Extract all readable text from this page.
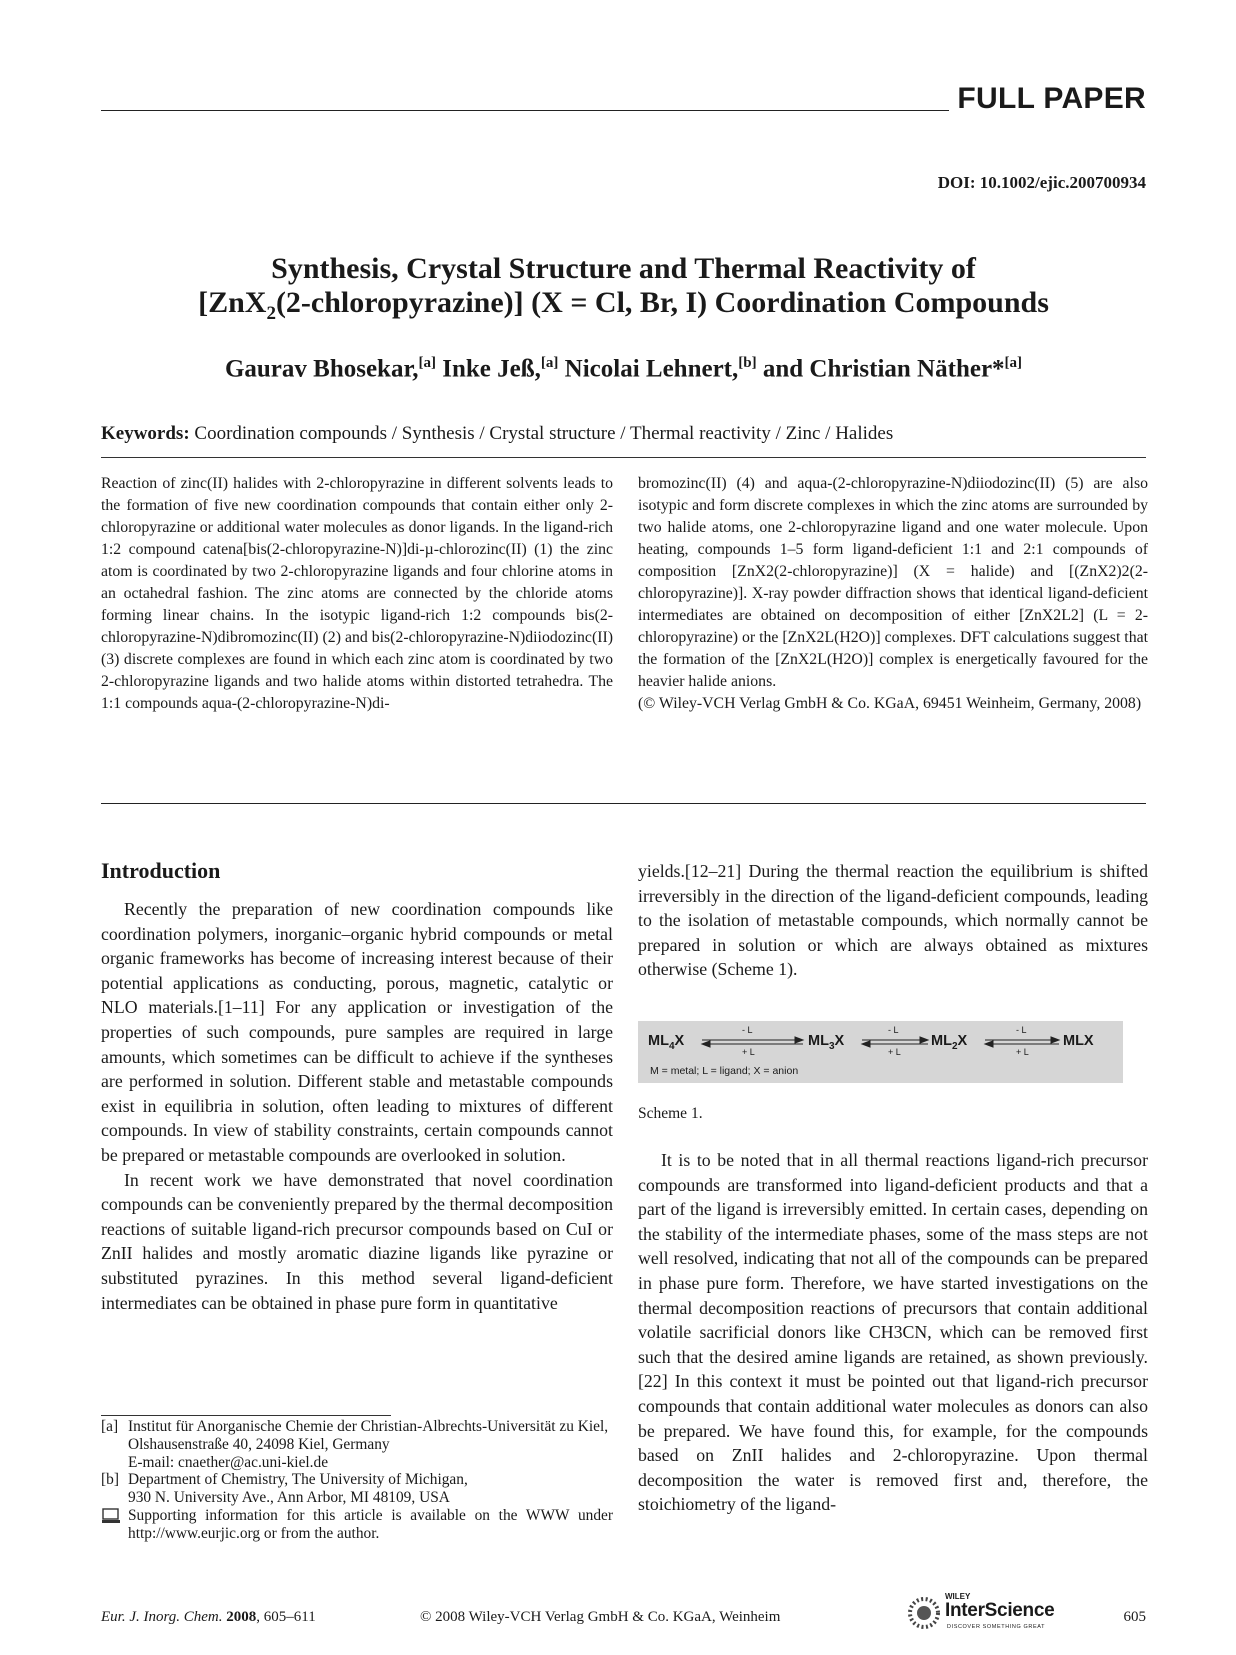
FULL PAPER
DOI: 10.1002/ejic.200700934
Synthesis, Crystal Structure and Thermal Reactivity of
[ZnX$_2$(2-chloropyrazine)] (X = Cl, Br, I) Coordination Compounds
Gaurav Bhosekar,[a] Inke Jeß,[a] Nicolai Lehnert,[b] and Christian Näther*[a]
Keywords: Coordination compounds / Synthesis / Crystal structure / Thermal reactivity / Zinc / Halides
Reaction of zinc(II) halides with 2-chloropyrazine in different solvents leads to the formation of five new coordination compounds that contain either only 2-chloropyrazine or additional water molecules as donor ligands. In the ligand-rich 1:2 compound catena[bis(2-chloropyrazine-N)]di-µ-chlorozinc(II) (1) the zinc atom is coordinated by two 2-chloropyrazine ligands and four chlorine atoms in an octahedral fashion. The zinc atoms are connected by the chloride atoms forming linear chains. In the isotypic ligand-rich 1:2 compounds bis(2-chloropyrazine-N)dibromozinc(II) (2) and bis(2-chloropyrazine-N)diiodozinc(II) (3) discrete complexes are found in which each zinc atom is coordinated by two 2-chloropyrazine ligands and two halide atoms within distorted tetrahedra. The 1:1 compounds aqua-(2-chloropyrazine-N)di-
bromozinc(II) (4) and aqua-(2-chloropyrazine-N)diiodozinc(II) (5) are also isotypic and form discrete complexes in which the zinc atoms are surrounded by two halide atoms, one 2-chloropyrazine ligand and one water molecule. Upon heating, compounds 1–5 form ligand-deficient 1:1 and 2:1 compounds of composition [ZnX2(2-chloropyrazine)] (X = halide) and [(ZnX2)2(2-chloropyrazine)]. X-ray powder diffraction shows that identical ligand-deficient intermediates are obtained on decomposition of either [ZnX2L2] (L = 2-chloropyrazine) or the [ZnX2L(H2O)] complexes. DFT calculations suggest that the formation of the [ZnX2L(H2O)] complex is energetically favoured for the heavier halide anions.
(© Wiley-VCH Verlag GmbH & Co. KGaA, 69451 Weinheim, Germany, 2008)
Introduction

Recently the preparation of new coordination compounds like coordination polymers, inorganic–organic hybrid compounds or metal organic frameworks has become of increasing interest because of their potential applications as conducting, porous, magnetic, catalytic or NLO materials.[1–11] For any application or investigation of the properties of such compounds, pure samples are required in large amounts, which sometimes can be difficult to achieve if the syntheses are performed in solution. Different stable and metastable compounds exist in equilibria in solution, often leading to mixtures of different compounds. In view of stability constraints, certain compounds cannot be prepared or metastable compounds are overlooked in solution.

In recent work we have demonstrated that novel coordination compounds can be conveniently prepared by the thermal decomposition reactions of suitable ligand-rich precursor compounds based on CuI or ZnII halides and mostly aromatic diazine ligands like pyrazine or substituted pyrazines. In this method several ligand-deficient intermediates can be obtained in phase pure form in quantitative

yields.[12–21] During the thermal reaction the equilibrium is shifted irreversibly in the direction of the ligand-deficient compounds, leading to the isolation of metastable compounds, which normally cannot be prepared in solution or which are always obtained as mixtures otherwise (Scheme 1).

$ML_4X$	$ML_3X$	$ML_2X$	MLX
- L
+ L
- L
+ L
- L
+ L
M = metal; L = ligand; X = anion
Scheme 1.

It is to be noted that in all thermal reactions ligand-rich precursor compounds are transformed into ligand-deficient products and that a part of the ligand is irreversibly emitted. In certain cases, depending on the stability of the intermediate phases, some of the mass steps are not well resolved, indicating that not all of the compounds can be prepared in phase pure form. Therefore, we have started investigations on the thermal decomposition reactions of precursors that contain additional volatile sacrificial donors like CH3CN, which can be removed first such that the desired amine ligands are retained, as shown previously.[22] In this context it must be pointed out that ligand-rich precursor compounds that contain additional water molecules as donors can also be prepared. We have found this, for example, for the compounds based on ZnII halides and 2-chloropyrazine. Upon thermal decomposition the water is removed first and, therefore, the stoichiometry of the ligand-

[a] Institut für Anorganische Chemie der Christian-Albrechts-Universität zu Kiel,
Olshausenstraße 40, 24098 Kiel, Germany
E-mail: cnaether@ac.uni-kiel.de
[b] Department of Chemistry, The University of Michigan,
930 N. University Ave., Ann Arbor, MI 48109, USA
Supporting information for this article is available on the WWW under http://www.eurjic.org or from the author.
Eur. J. Inorg. Chem. 2008, 605–611	© 2008 Wiley-VCH Verlag GmbH & Co. KGaA, Weinheim
WILEY
InterScience
DISCOVER SOMETHING GREAT
605
